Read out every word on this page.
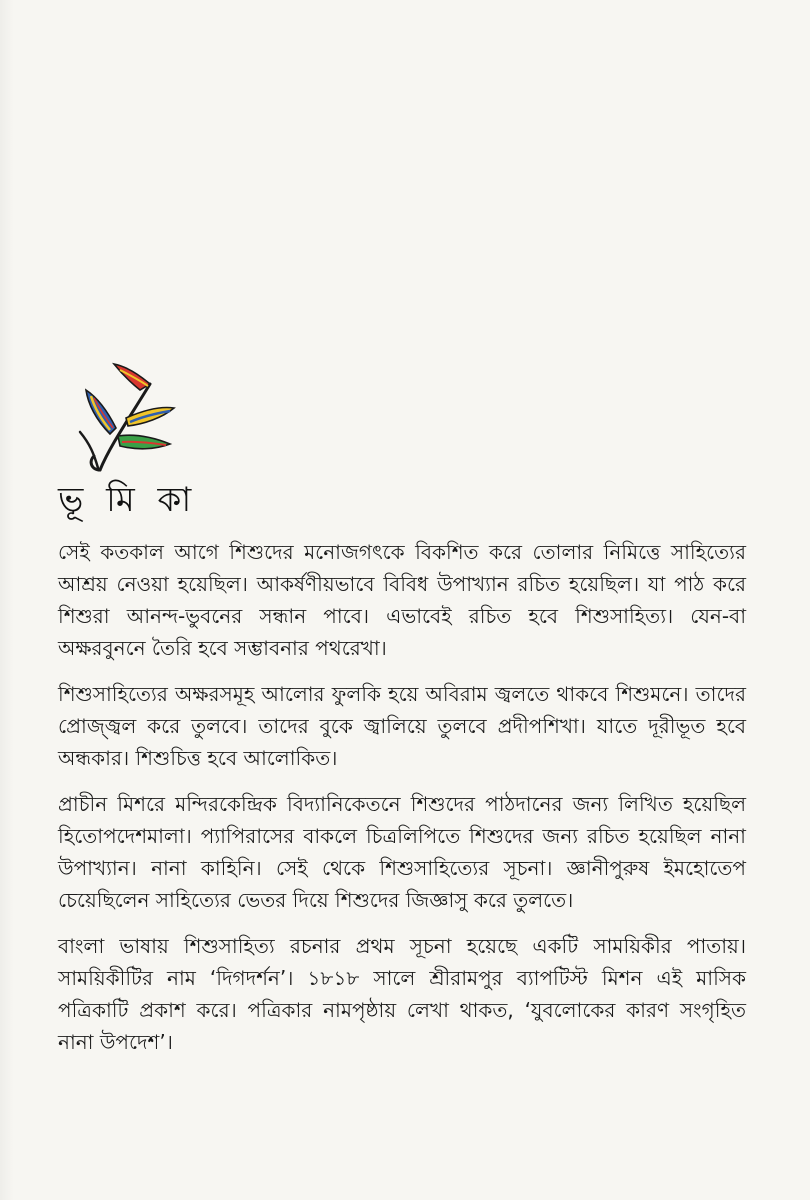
ভূ মি কা

সেই কতকাল আগে শিশুদের মনোজগৎকে বিকশিত করে তোলার নিমিত্তে সাহিত্যের আশ্রয় নেওয়া হয়েছিল। আকর্ষণীয়ভাবে বিবিধ উপাখ্যান রচিত হয়েছিল। যা পাঠ করে শিশুরা আনন্দ-ভুবনের সন্ধান পাবে। এভাবেই রচিত হবে শিশুসাহিত্য। যেন-বা অক্ষরবুননে তৈরি হবে সম্ভাবনার পথরেখা।

শিশুসাহিত্যের অক্ষরসমূহ আলোর ফুলকি হয়ে অবিরাম জ্বলতে থাকবে শিশুমনে। তাদের প্রোজ্জ্বল করে তুলবে। তাদের বুকে জ্বালিয়ে তুলবে প্রদীপশিখা। যাতে দূরীভূত হবে অন্ধকার। শিশুচিত্ত হবে আলোকিত।

প্রাচীন মিশরে মন্দিরকেন্দ্রিক বিদ্যানিকেতনে শিশুদের পাঠদানের জন্য লিখিত হয়েছিল হিতোপদেশমালা। প্যাপিরাসের বাকলে চিত্রলিপিতে শিশুদের জন্য রচিত হয়েছিল নানা উপাখ্যান। নানা কাহিনি। সেই থেকে শিশুসাহিত্যের সূচনা। জ্ঞানীপুরুষ ইমহোতেপ চেয়েছিলেন সাহিত্যের ভেতর দিয়ে শিশুদের জিজ্ঞাসু করে তুলতে।

বাংলা ভাষায় শিশুসাহিত্য রচনার প্রথম সূচনা হয়েছে একটি সাময়িকীর পাতায়। সাময়িকীটির নাম ‘দিগদর্শন’। ১৮১৮ সালে শ্রীরামপুর ব্যাপটিস্ট মিশন এই মাসিক পত্রিকাটি প্রকাশ করে। পত্রিকার নামপৃষ্ঠায় লেখা থাকত, ‘যুবলোকের কারণ সংগৃহিত নানা উপদেশ’।
